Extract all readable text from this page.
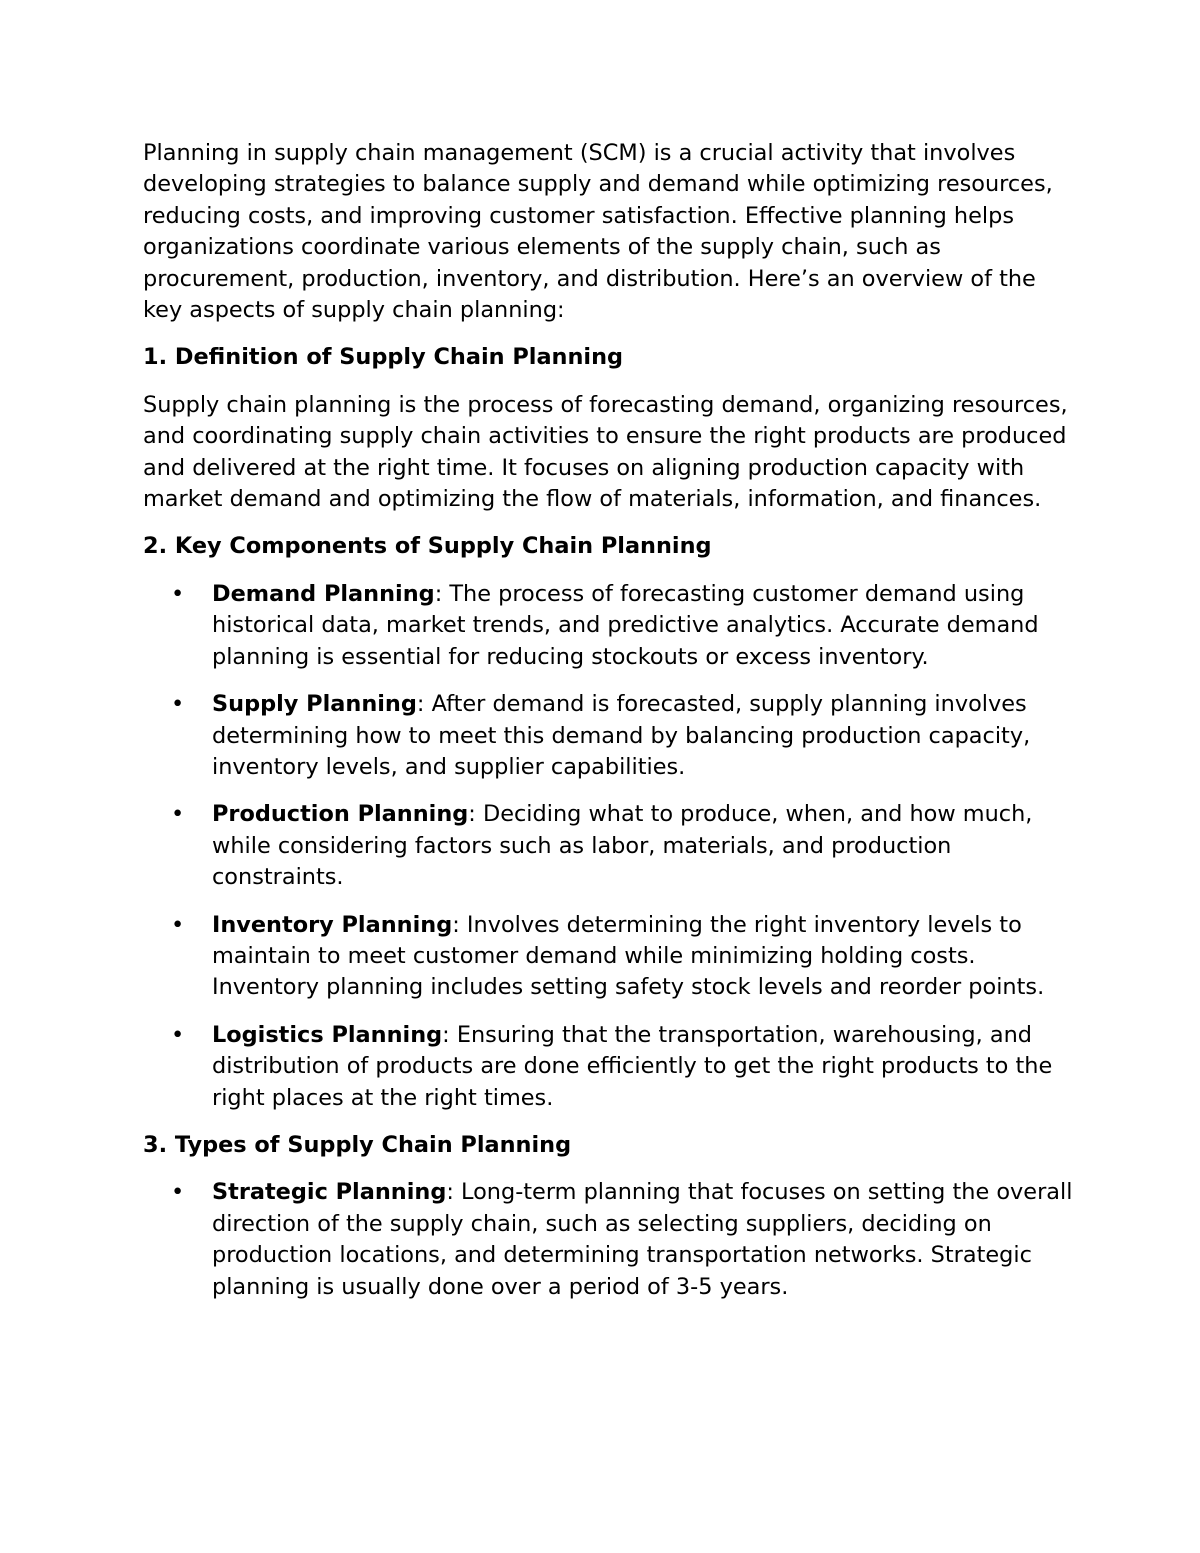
Planning in supply chain management (SCM) is a crucial activity that involves developing strategies to balance supply and demand while optimizing resources, reducing costs, and improving customer satisfaction. Effective planning helps organizations coordinate various elements of the supply chain, such as procurement, production, inventory, and distribution. Here’s an overview of the key aspects of supply chain planning:

1. Definition of Supply Chain Planning

Supply chain planning is the process of forecasting demand, organizing resources, and coordinating supply chain activities to ensure the right products are produced and delivered at the right time. It focuses on aligning production capacity with market demand and optimizing the flow of materials, information, and finances.

2. Key Components of Supply Chain Planning
• Demand Planning: The process of forecasting customer demand using historical data, market trends, and predictive analytics. Accurate demand planning is essential for reducing stockouts or excess inventory.
• Supply Planning: After demand is forecasted, supply planning involves determining how to meet this demand by balancing production capacity, inventory levels, and supplier capabilities.
• Production Planning: Deciding what to produce, when, and how much, while considering factors such as labor, materials, and production constraints.
• Inventory Planning: Involves determining the right inventory levels to maintain to meet customer demand while minimizing holding costs. Inventory planning includes setting safety stock levels and reorder points.
• Logistics Planning: Ensuring that the transportation, warehousing, and distribution of products are done efficiently to get the right products to the right places at the right times.
3. Types of Supply Chain Planning
• Strategic Planning: Long-term planning that focuses on setting the overall direction of the supply chain, such as selecting suppliers, deciding on production locations, and determining transportation networks. Strategic planning is usually done over a period of 3-5 years.
